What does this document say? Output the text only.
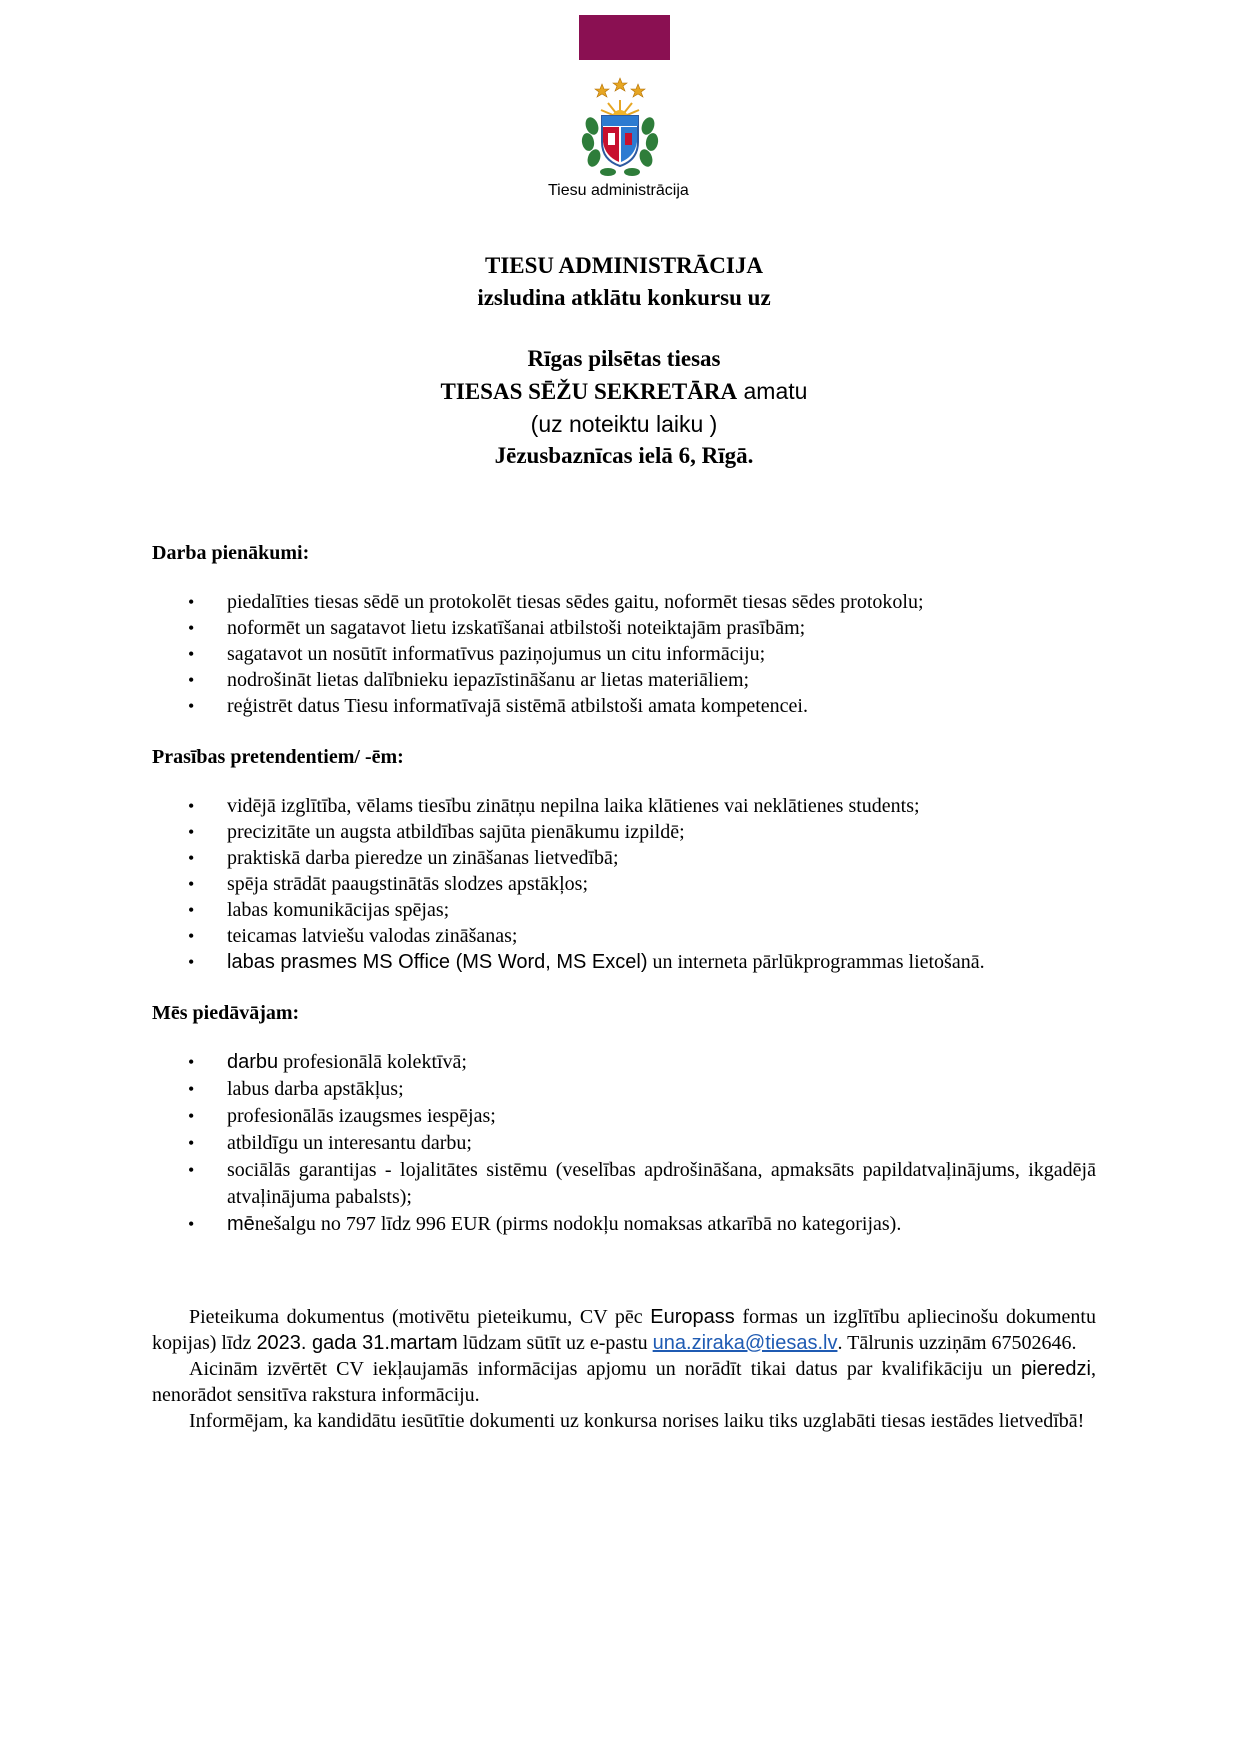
Tiesu administrācija
TIESU ADMINISTRĀCIJA
izsludina atklātu konkursu uz
Rīgas pilsētas tiesas
TIESAS SĒŽU SEKRETĀRA amatu
(uz noteiktu laiku )
Jēzusbaznīcas ielā 6, Rīgā.

Darba pienākumi:

• piedalīties tiesas sēdē un protokolēt tiesas sēdes gaitu, noformēt tiesas sēdes protokolu;
• noformēt un sagatavot lietu izskatīšanai atbilstoši noteiktajām prasībām;
• sagatavot un nosūtīt informatīvus paziņojumus un citu informāciju;
• nodrošināt lietas dalībnieku iepazīstināšanu ar lietas materiāliem;
• reģistrēt datus Tiesu informatīvajā sistēmā atbilstoši amata kompetencei.

Prasības pretendentiem/ -ēm:

• vidējā izglītība, vēlams tiesību zinātņu nepilna laika klātienes vai neklātienes students;
• precizitāte un augsta atbildības sajūta pienākumu izpildē;
• praktiskā darba pieredze un zināšanas lietvedībā;
• spēja strādāt paaugstinātās slodzes apstākļos;
• labas komunikācijas spējas;
• teicamas latviešu valodas zināšanas;
• labas prasmes MS Office (MS Word, MS Excel) un interneta pārlūkprogrammas lietošanā.

Mēs piedāvājam:

• darbu profesionālā kolektīvā;
• labus darba apstākļus;
• profesionālās izaugsmes iespējas;
• atbildīgu un interesantu darbu;
• sociālās garantijas - lojalitātes sistēmu (veselības apdrošināšana, apmaksāts papildatvaļinājums, ikgadējā atvaļinājuma pabalsts);
• mēnešalgu no 797 līdz 996 EUR (pirms nodokļu nomaksas atkarībā no kategorijas).

Pieteikuma dokumentus (motivētu pieteikumu, CV pēc Europass formas un izglītību apliecinošu dokumentu kopijas) līdz 2023. gada 31.martam lūdzam sūtīt uz e-pastu una.ziraka@tiesas.lv. Tālrunis uzziņām 67502646.

Aicinām izvērtēt CV iekļaujamās informācijas apjomu un norādīt tikai datus par kvalifikāciju un pieredzi, nenorādot sensitīva rakstura informāciju.

Informējam, ka kandidātu iesūtītie dokumenti uz konkursa norises laiku tiks uzglabāti tiesas iestādes lietvedībā!
